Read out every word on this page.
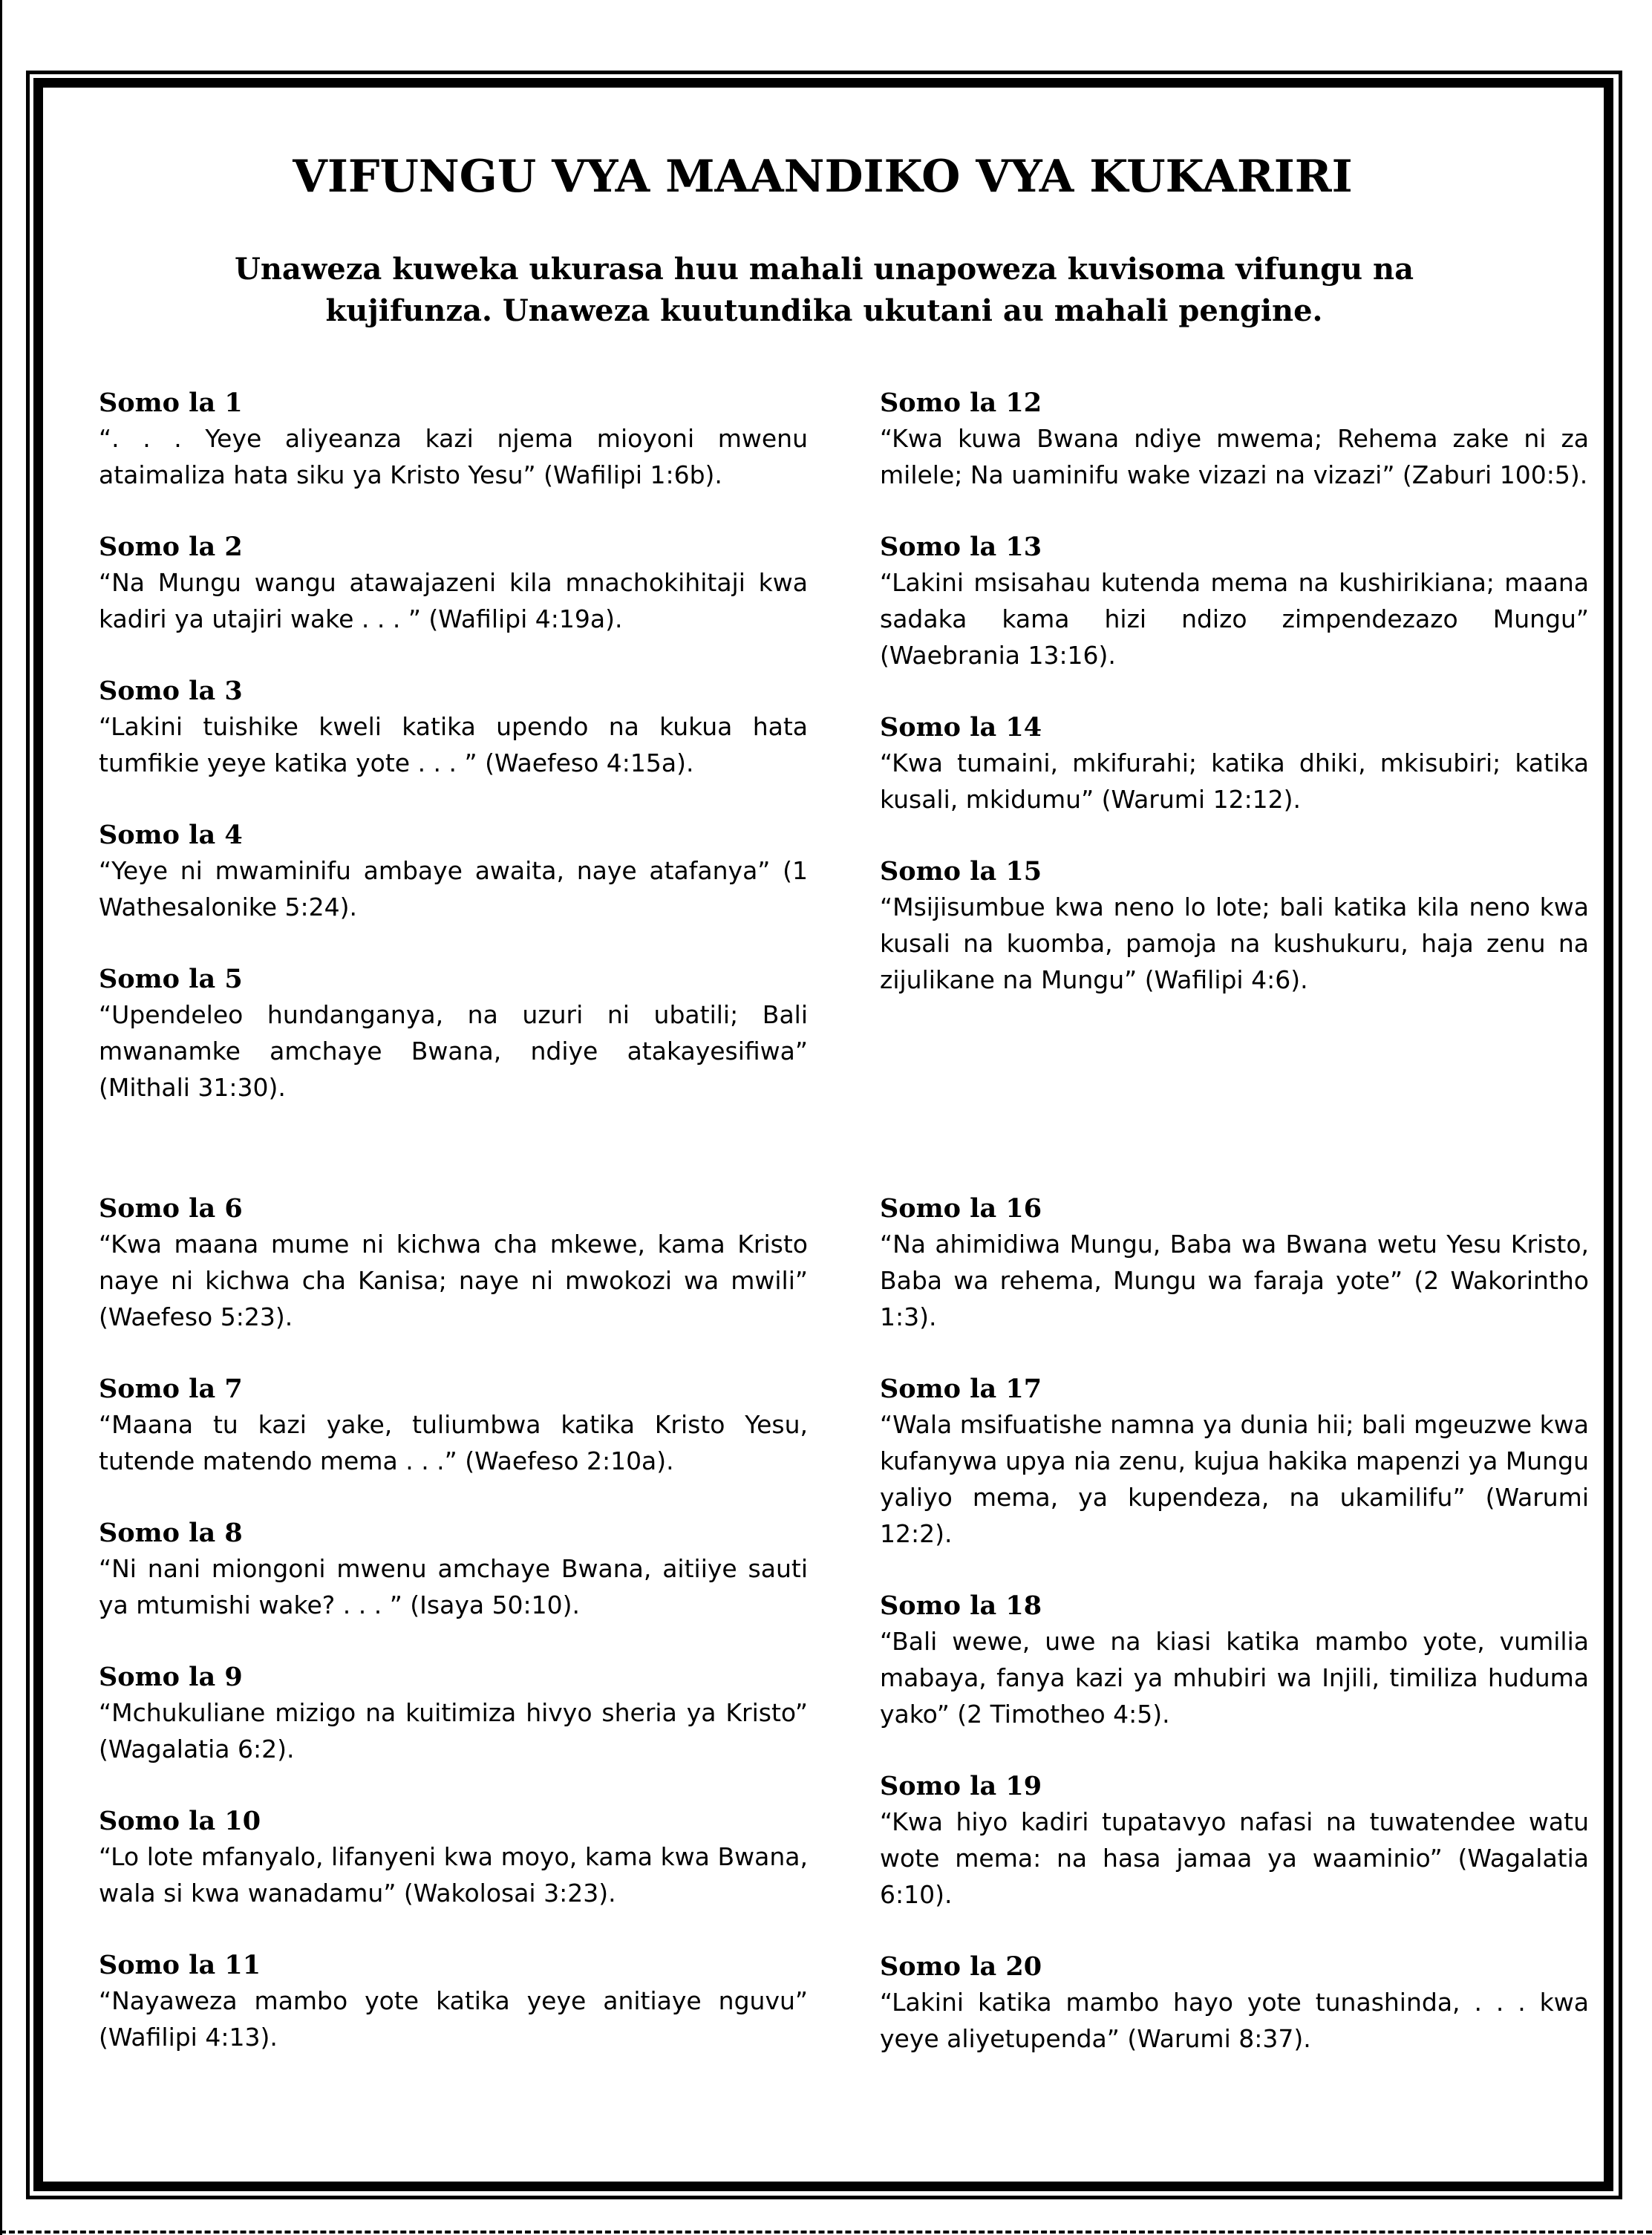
VIFUNGU VYA MAANDIKO VYA KUKARIRI

Unaweza kuweka ukurasa huu mahali unapoweza kuvisoma vifungu na kujifunza. Unaweza kuutundika ukutani au mahali pengine.

Somo la 1

“. . . Yeye aliyeanza kazi njema mioyoni mwenu ataimaliza hata siku ya Kristo Yesu” (Wafilipi 1:6b).

Somo la 2

“Na Mungu wangu atawajazeni kila mnachokihitaji kwa kadiri ya utajiri wake . . . ” (Wafilipi 4:19a).

Somo la 3

“Lakini tuishike kweli katika upendo na kukua hata tumfikie yeye katika yote . . . ” (Waefeso 4:15a).

Somo la 4

“Yeye ni mwaminifu ambaye awaita, naye atafanya” (1 Wathesalonike 5:24).

Somo la 5

“Upendeleo hundanganya, na uzuri ni ubatili; Bali mwanamke amchaye Bwana, ndiye atakayesifiwa” (Mithali 31:30).

Somo la 12

“Kwa kuwa Bwana ndiye mwema; Rehema zake ni za milele; Na uaminifu wake vizazi na vizazi” (Zaburi 100:5).

Somo la 13

“Lakini msisahau kutenda mema na kushirikiana; maana sadaka kama hizi ndizo zimpendezazo Mungu” (Waebrania 13:16).

Somo la 14

“Kwa tumaini, mkifurahi; katika dhiki, mkisubiri; katika kusali, mkidumu” (Warumi 12:12).

Somo la 15

“Msijisumbue kwa neno lo lote; bali katika kila neno kwa kusali na kuomba, pamoja na kushukuru, haja zenu na zijulikane na Mungu” (Wafilipi 4:6).

Somo la 6

“Kwa maana mume ni kichwa cha mkewe, kama Kristo naye ni kichwa cha Kanisa; naye ni mwokozi wa mwili” (Waefeso 5:23).

Somo la 7

“Maana tu kazi yake, tuliumbwa katika Kristo Yesu, tutende matendo mema . . .” (Waefeso 2:10a).

Somo la 8

“Ni nani miongoni mwenu amchaye Bwana, aitiiye sauti ya mtumishi wake? . . . ” (Isaya 50:10).

Somo la 9

“Mchukuliane mizigo na kuitimiza hivyo sheria ya Kristo” (Wagalatia 6:2).

Somo la 10

“Lo lote mfanyalo, lifanyeni kwa moyo, kama kwa Bwana, wala si kwa wanadamu” (Wakolosai 3:23).

Somo la 11

“Nayaweza mambo yote katika yeye anitiaye nguvu” (Wafilipi 4:13).

Somo la 16

“Na ahimidiwa Mungu, Baba wa Bwana wetu Yesu Kristo, Baba wa rehema, Mungu wa faraja yote” (2 Wakorintho 1:3).

Somo la 17

“Wala msifuatishe namna ya dunia hii; bali mgeuzwe kwa kufanywa upya nia zenu, kujua hakika mapenzi ya Mungu yaliyo mema, ya kupendeza, na ukamilifu” (Warumi 12:2).

Somo la 18

“Bali wewe, uwe na kiasi katika mambo yote, vumilia mabaya, fanya kazi ya mhubiri wa Injili, timiliza huduma yako” (2 Timotheo 4:5).

Somo la 19

“Kwa hiyo kadiri tupatavyo nafasi na tuwatendee watu wote mema: na hasa jamaa ya waaminio” (Wagalatia 6:10).

Somo la 20

“Lakini katika mambo hayo yote tunashinda, . . . kwa yeye aliyetupenda” (Warumi 8:37).
